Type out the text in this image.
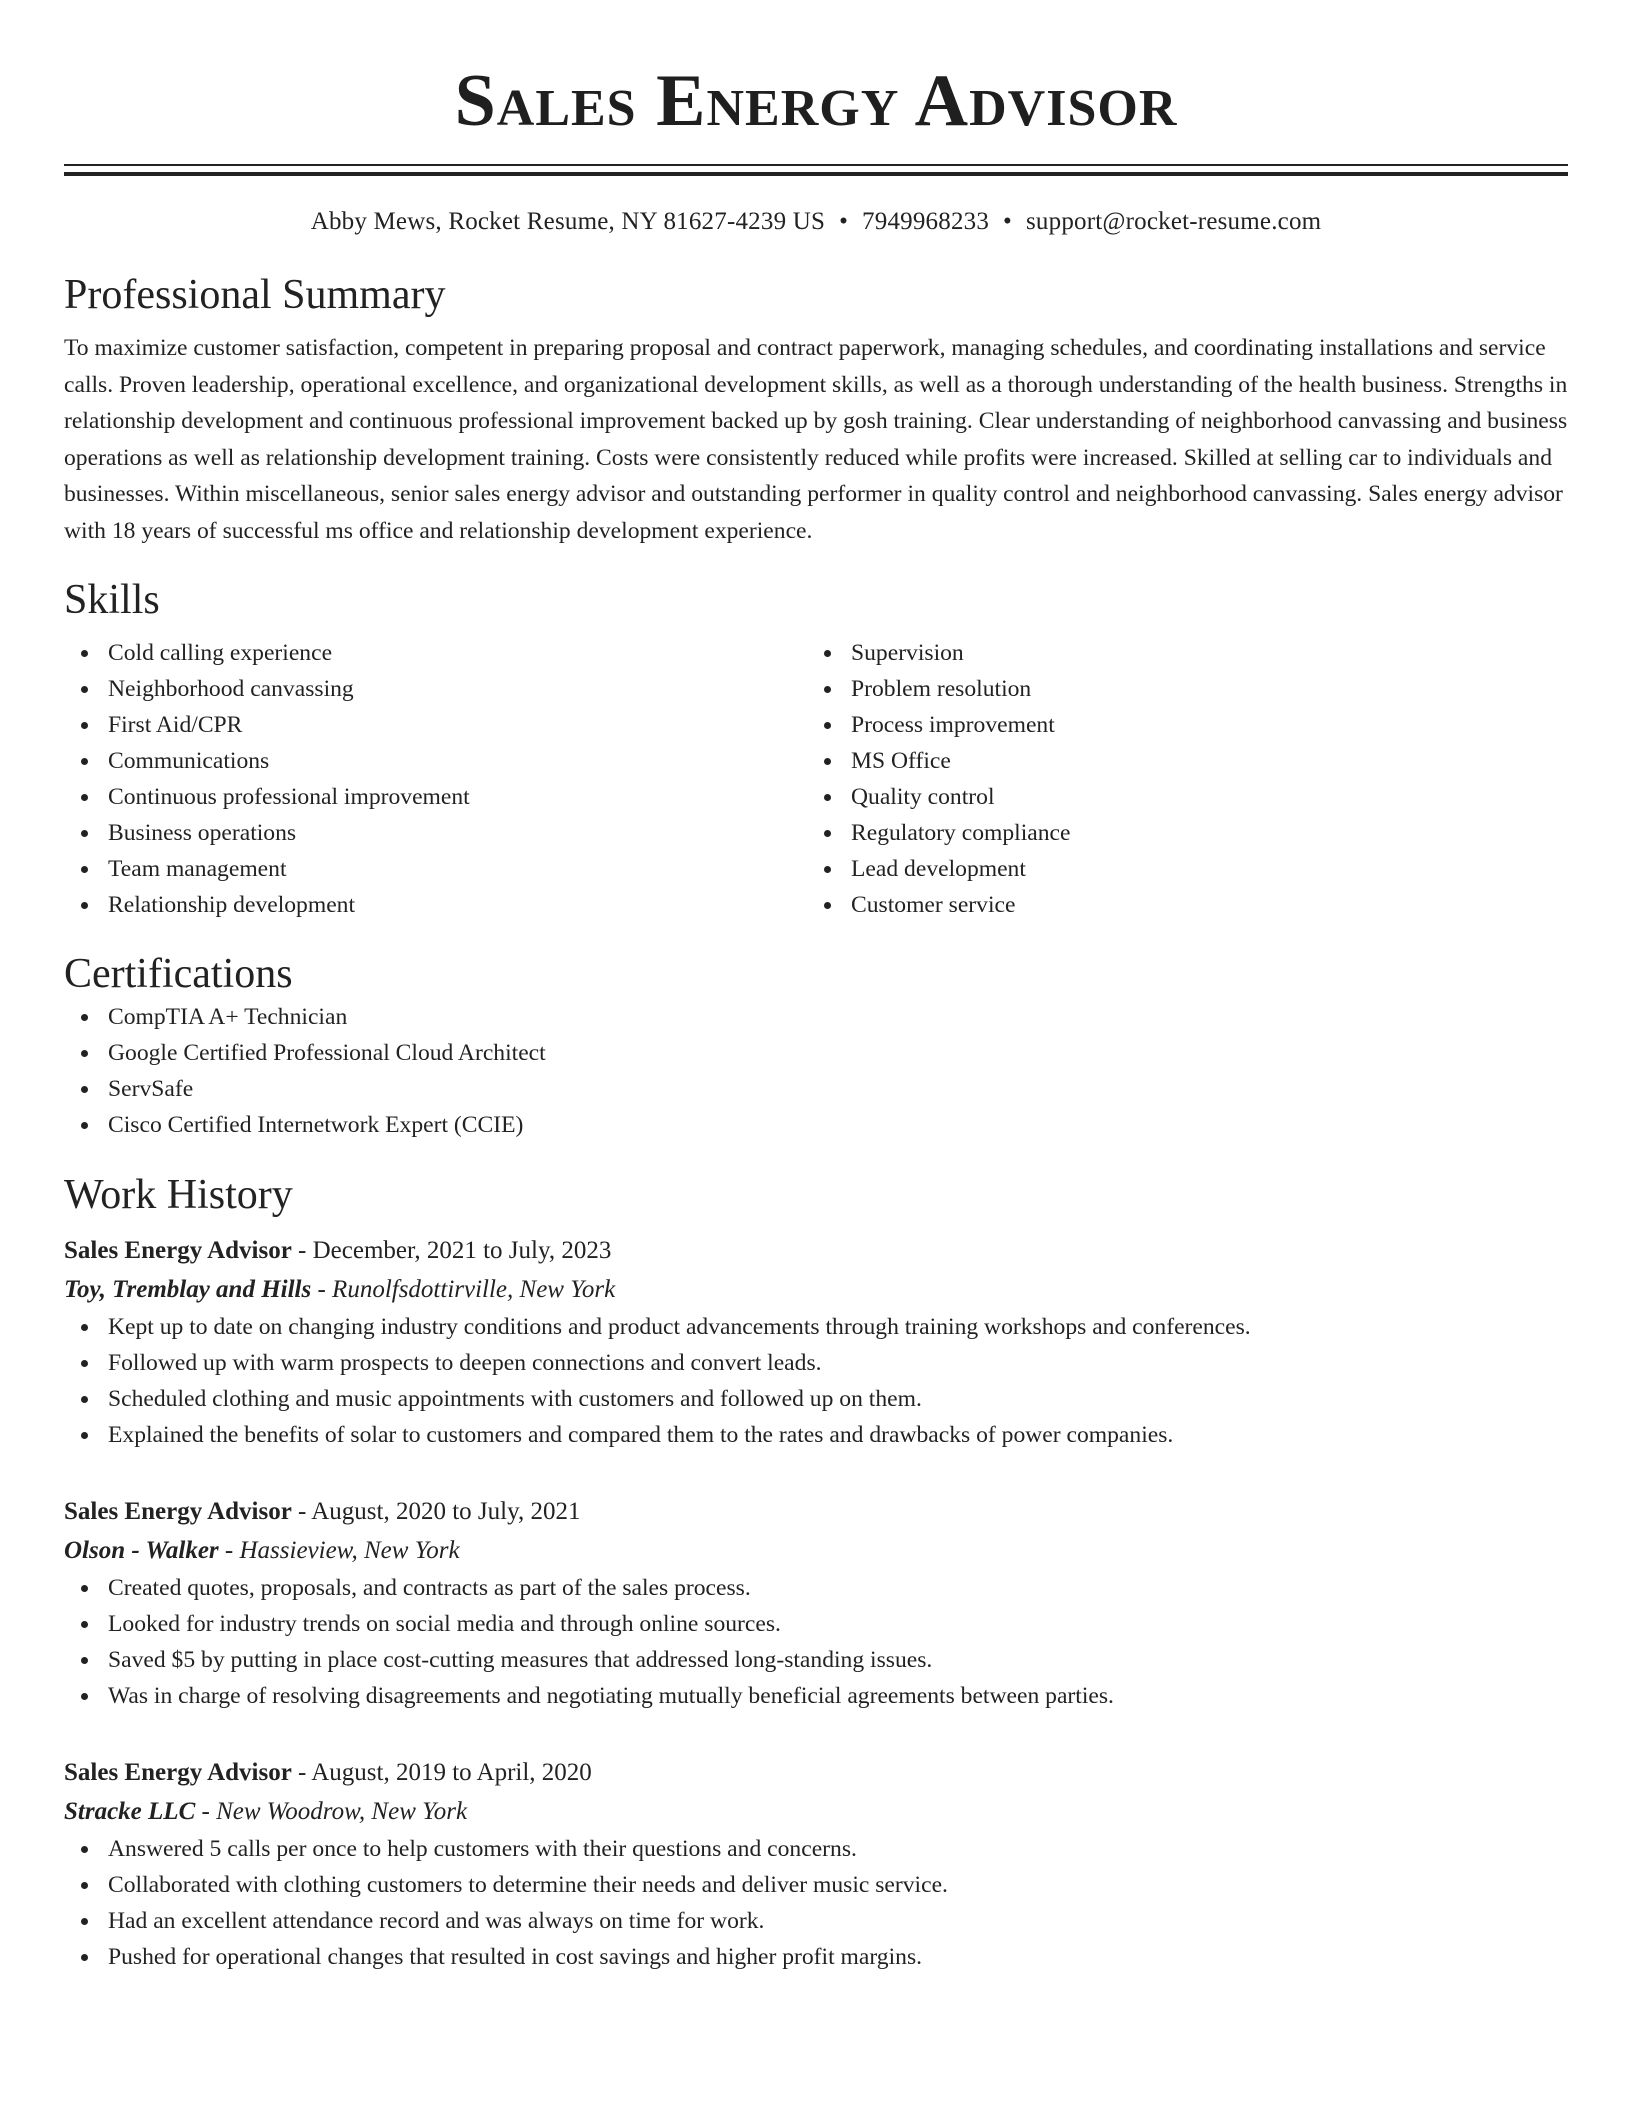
Sales Energy Advisor
Abby Mews, Rocket Resume, NY 81627-4239 US • 7949968233 • support@rocket-resume.com
Professional Summary

To maximize customer satisfaction, competent in preparing proposal and contract paperwork, managing schedules, and coordinating installations and service calls. Proven leadership, operational excellence, and organizational development skills, as well as a thorough understanding of the health business. Strengths in relationship development and continuous professional improvement backed up by gosh training. Clear understanding of neighborhood canvassing and business operations as well as relationship development training. Costs were consistently reduced while profits were increased. Skilled at selling car to individuals and businesses. Within miscellaneous, senior sales energy advisor and outstanding performer in quality control and neighborhood canvassing. Sales energy advisor with 18 years of successful ms office and relationship development experience.

Skills
Cold calling experience
Neighborhood canvassing
First Aid/CPR
Communications
Continuous professional improvement
Business operations
Team management
Relationship development
Supervision
Problem resolution
Process improvement
MS Office
Quality control
Regulatory compliance
Lead development
Customer service
Certifications
CompTIA A+ Technician
Google Certified Professional Cloud Architect
ServSafe
Cisco Certified Internetwork Expert (CCIE)
Work History

Sales Energy Advisor - December, 2021 to July, 2023

Toy, Tremblay and Hills - Runolfsdottirville, New York

Kept up to date on changing industry conditions and product advancements through training workshops and conferences.
Followed up with warm prospects to deepen connections and convert leads.
Scheduled clothing and music appointments with customers and followed up on them.
Explained the benefits of solar to customers and compared them to the rates and drawbacks of power companies.

Sales Energy Advisor - August, 2020 to July, 2021

Olson - Walker - Hassieview, New York

Created quotes, proposals, and contracts as part of the sales process.
Looked for industry trends on social media and through online sources.
Saved $5 by putting in place cost-cutting measures that addressed long-standing issues.
Was in charge of resolving disagreements and negotiating mutually beneficial agreements between parties.

Sales Energy Advisor - August, 2019 to April, 2020

Stracke LLC - New Woodrow, New York

Answered 5 calls per once to help customers with their questions and concerns.
Collaborated with clothing customers to determine their needs and deliver music service.
Had an excellent attendance record and was always on time for work.
Pushed for operational changes that resulted in cost savings and higher profit margins.
